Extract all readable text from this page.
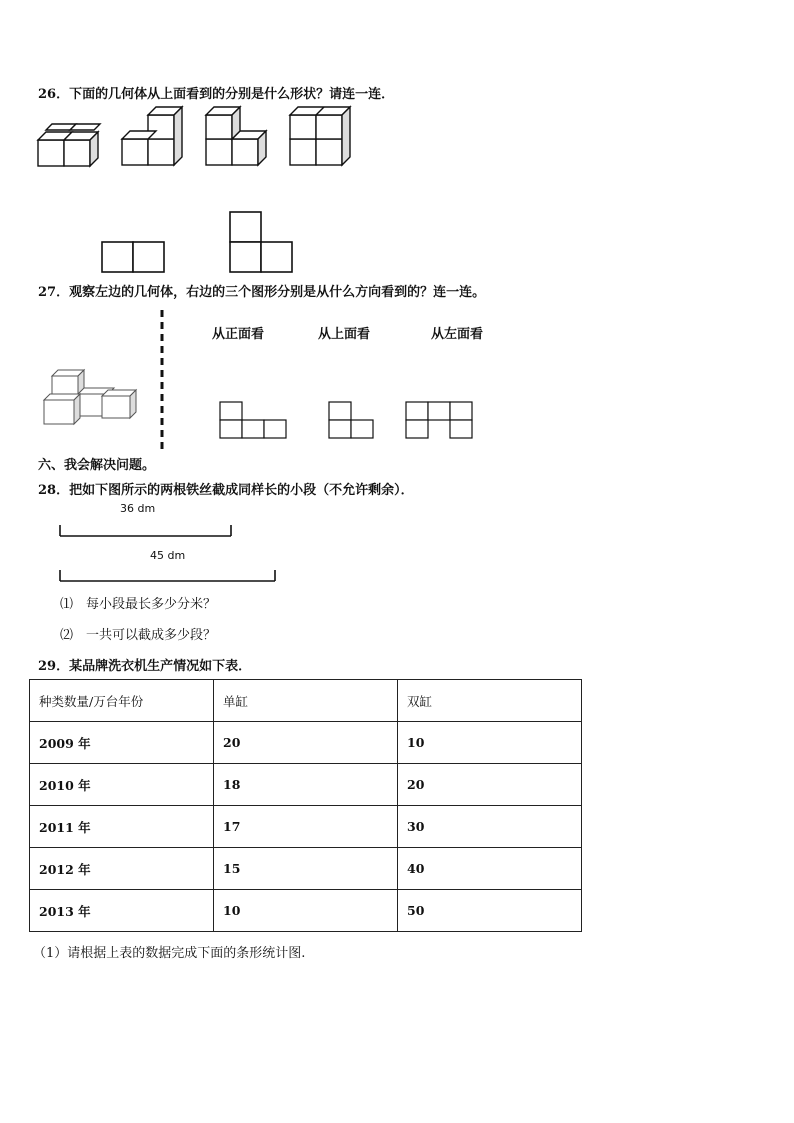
26．下面的几何体从上面看到的分别是什么形状？请连一连．
27．观察左边的几何体，右边的三个图形分别是从什么方向看到的？连一连。
从正面看	从上面看	从左面看
六、我会解决问题。
28．把如下图所示的两根铁丝截成同样长的小段（不允许剩余）．
36 dm
45 dm
⑴　每小段最长多少分米？
⑵　一共可以截成多少段？
29．某品牌洗衣机生产情况如下表．
种类数量/万台年份	单缸	双缸
2009 年	20	10
2010 年	18	20
2011 年	17	30
2012 年	15	40
2013 年	10	50
（1）请根据上表的数据完成下面的条形统计图.
